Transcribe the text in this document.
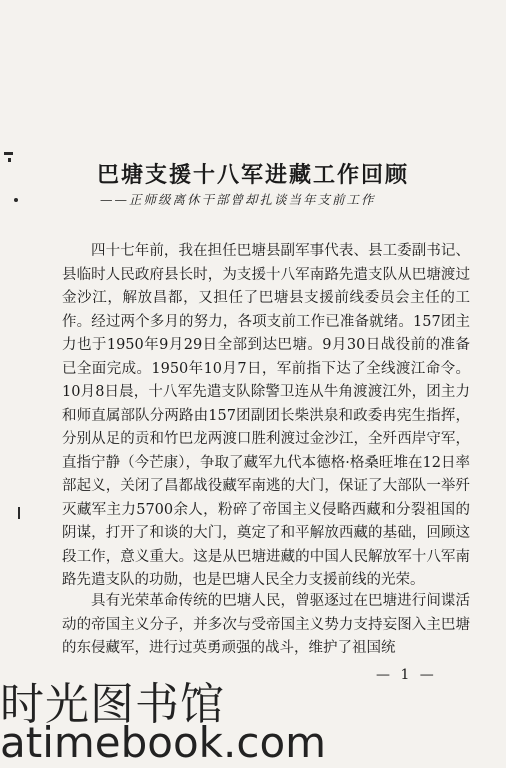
巴塘支援十八军进藏工作回顾
——正师级离休干部曾却扎谈当年支前工作

四十七年前，我在担任巴塘县副军事代表、县工委副书记、县临时人民政府县长时，为支援十八军南路先遣支队从巴塘渡过金沙江，解放昌都，又担任了巴塘县支援前线委员会主任的工作。经过两个多月的努力，各项支前工作已准备就绪。157团主力也于1950年9月29日全部到达巴塘。9月30日战役前的准备已全面完成。1950年10月7日，军前指下达了全线渡江命令。10月8日晨，十八军先遣支队除警卫连从牛角渡渡江外，团主力和师直属部队分两路由157团副团长柴洪泉和政委冉宪生指挥，分别从足的贡和竹巴龙两渡口胜利渡过金沙江，全歼西岸守军，直指宁静（今芒康），争取了藏军九代本德格·格桑旺堆在12日率部起义，关闭了昌都战役藏军南逃的大门，保证了大部队一举歼灭藏军主力5700余人，粉碎了帝国主义侵略西藏和分裂祖国的阴谋，打开了和谈的大门，奠定了和平解放西藏的基础，回顾这段工作，意义重大。这是从巴塘进藏的中国人民解放军十八军南路先遣支队的功勋，也是巴塘人民全力支援前线的光荣。

具有光荣革命传统的巴塘人民，曾驱逐过在巴塘进行间谍活动的帝国主义分子，并多次与受帝国主义势力支持妄图入主巴塘的东侵藏军，进行过英勇顽强的战斗，维护了祖国统

— 1 —
时光图书馆
atimebook.com
